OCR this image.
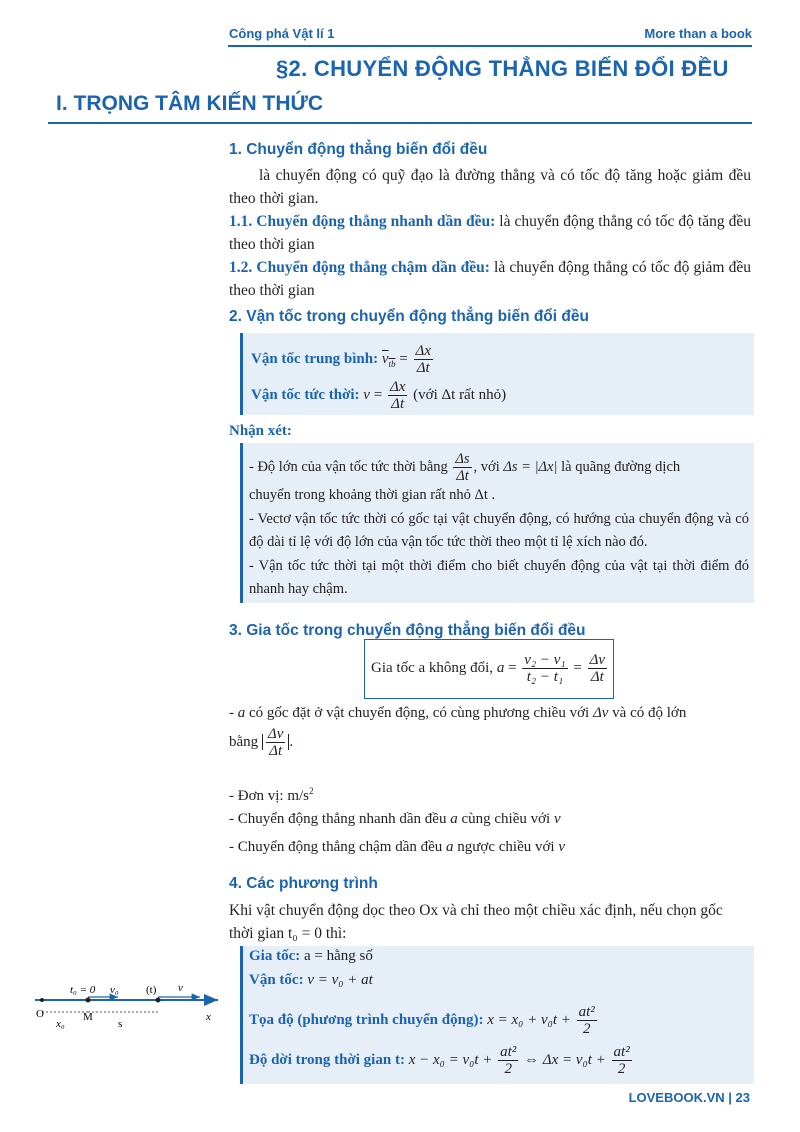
Công phá Vật lí 1	More than a book
§2. CHUYỂN ĐỘNG THẲNG BIẾN ĐỔI ĐỀU
I. TRỌNG TÂM KIẾN THỨC
1. Chuyển động thẳng biến đổi đều
là chuyển động có quỹ đạo là đường thẳng và có tốc độ tăng hoặc giảm đều theo thời gian.
1.1. Chuyển động thẳng nhanh dần đều: là chuyển động thẳng có tốc độ tăng đều theo thời gian
1.2. Chuyển động thẳng chậm dần đều: là chuyển động thẳng có tốc độ giảm đều theo thời gian
2. Vận tốc trong chuyển động thẳng biến đổi đều
Vận tốc trung bình: $v_{tb} = \frac{\Delta x}{\Delta t}$
Vận tốc tức thời: $v = \frac{\Delta x}{\Delta t}$ (với Δt rất nhỏ)
Nhận xét:
- Độ lớn của vận tốc tức thời bằng $\frac{\Delta s}{\Delta t}$ , với Δs = |Δx| là quãng đường dịch
chuyển trong khoảng thời gian rất nhỏ Δt .
- Vectơ vận tốc tức thời có gốc tại vật chuyển động, có hướng của chuyển động và có độ dài tỉ lệ với độ lớn của vận tốc tức thời theo một tỉ lệ xích nào đó.
- Vận tốc tức thời tại một thời điểm cho biết chuyển động của vật tại thời điểm đó nhanh hay chậm.
3. Gia tốc trong chuyển động thẳng biến đổi đều
Gia tốc a không đổi, $a = \frac{\text{v₂ − v₁}}{\text{t₂ − t₁}} = \frac{\Delta v}{\Delta t}$
- a có gốc đặt ở vật chuyển động, có cùng phương chiều với Δv và có độ lớn
bằng $\frac{\Delta v}{\Delta t}$ .
- Đơn vị: $m/s^2$
- Chuyển động thẳng nhanh dần đều a cùng chiều với v
- Chuyển động thẳng chậm dần đều a ngược chiều với v
4. Các phương trình
Khi vật chuyển động dọc theo Ox và chỉ theo một chiều xác định, nếu chọn gốc
thời gian t₀ = 0 thì:
Gia tốc: a = hằng số
Vận tốc: v = v₀ + at
Tọa độ (phương trình chuyển động): $x = x_0 + v_0t + \frac{\text{at²}}{2}$
Độ dời trong thời gian t: $x - x_0 = v_0t + \frac{\text{at²}}{2}$ ⇔ $\Delta x = v_0t + \frac{\text{at²}}{2}$
t₀ = 0 v₀ (t) v
O
x₀
M
s
x
LOVEBOOK.VN | 23
